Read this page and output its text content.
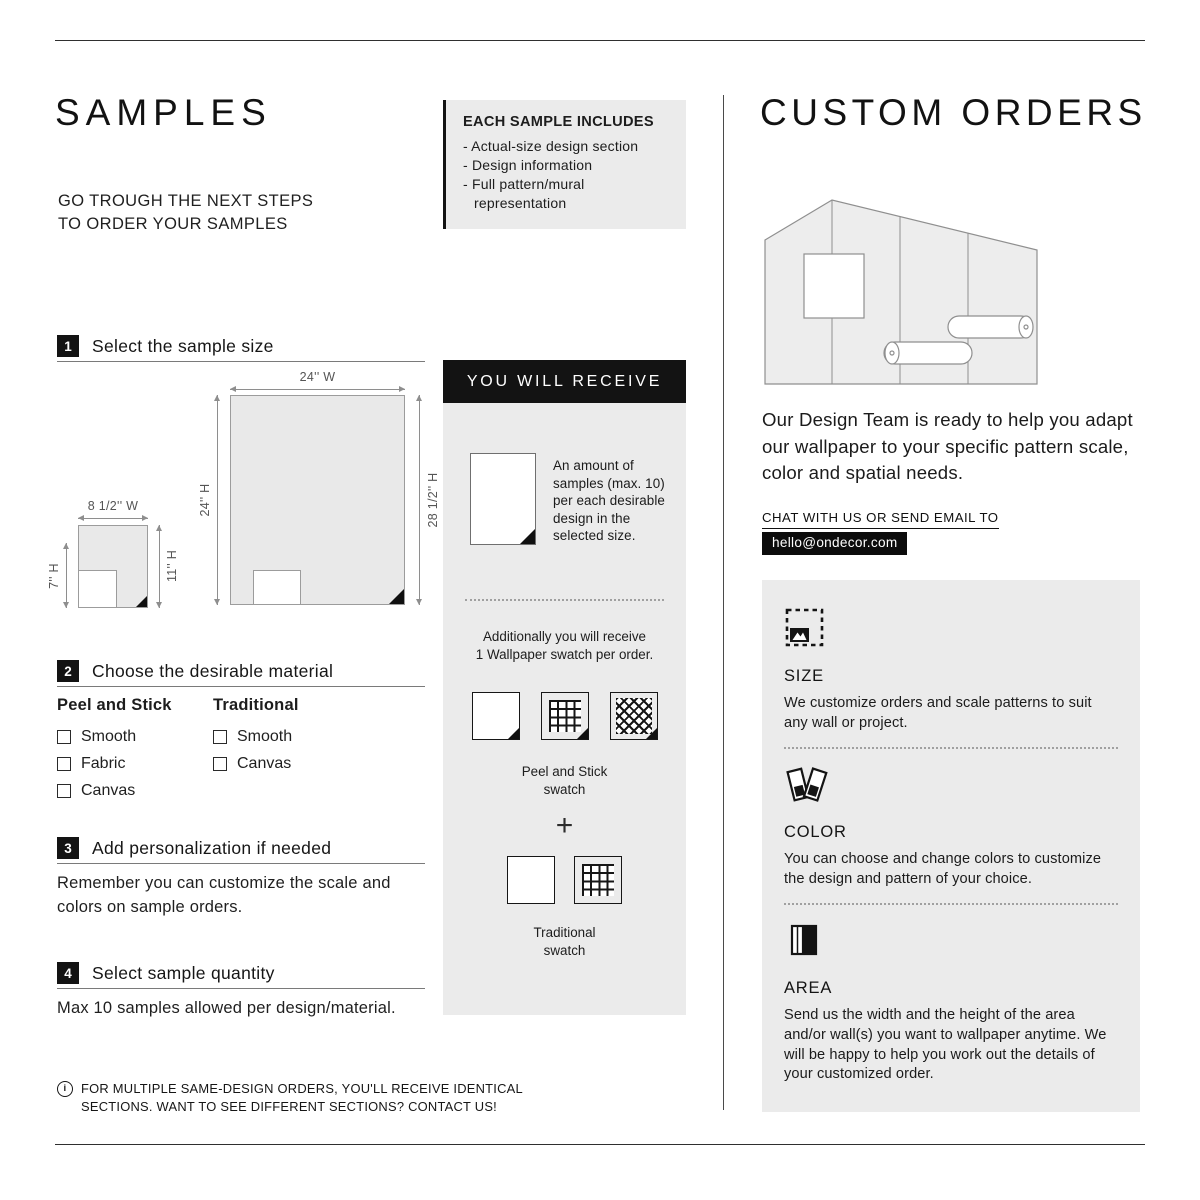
SAMPLES
GO TROUGH THE NEXT STEPS
TO ORDER YOUR SAMPLES
EACH SAMPLE INCLUDES
- Actual-size design section
- Design information
- Full pattern/mural representation
1	Select the sample size
24'' W
24'' H	28 1/2'' H
8 1/2'' W
7'' H	11'' H
2	Choose the desirable material
Peel and Stick
Smooth
Fabric
Canvas
Traditional
Smooth
Canvas
3	Add personalization if needed
Remember you can customize the scale and colors on sample orders.
4	Select sample quantity
Max 10 samples allowed per design/material.
i	FOR MULTIPLE SAME-DESIGN ORDERS, YOU'LL RECEIVE IDENTICAL
SECTIONS. WANT TO SEE DIFFERENT SECTIONS? CONTACT US!
YOU WILL RECEIVE

An amount of samples (max. 10) per each desirable design in the selected size.

Additionally you will receive
1 Wallpaper swatch per order.
Peel and Stick
swatch
+
Traditional
swatch
CUSTOM ORDERS
Our Design Team is ready to help you adapt our wallpaper to your specific pattern scale, color and spatial needs.
CHAT WITH US OR SEND EMAIL TO
hello@ondecor.com
SIZE
We customize orders and scale patterns to suit any wall or project.
COLOR
You can choose and change colors to customize the design and pattern of your choice.
AREA
Send us the width and the height of the area and/or wall(s) you want to wallpaper anytime. We will be happy to help you work out the details of your customized order.
